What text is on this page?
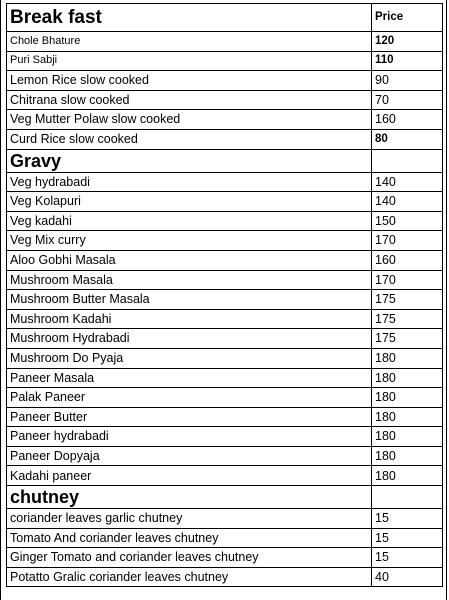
Break fast	Price
Chole Bhature	120
Puri Sabji	110
Lemon Rice slow cooked	90
Chitrana slow cooked	70
Veg Mutter Polaw slow cooked	160
Curd Rice slow cooked	80
Gravy	
Veg hydrabadi	140
Veg Kolapuri	140
Veg kadahi	150
Veg Mix curry	170
Aloo Gobhi Masala	160
Mushroom Masala	170
Mushroom Butter Masala	175
Mushroom Kadahi	175
Mushroom Hydrabadi	175
Mushroom Do Pyaja	180
Paneer Masala	180
Palak Paneer	180
Paneer Butter	180
Paneer hydrabadi	180
Paneer Dopyaja	180
Kadahi paneer	180
chutney	
coriander leaves garlic chutney	15
Tomato And coriander leaves chutney	15
Ginger Tomato and coriander leaves chutney	15
Potatto Gralic coriander leaves chutney	40
